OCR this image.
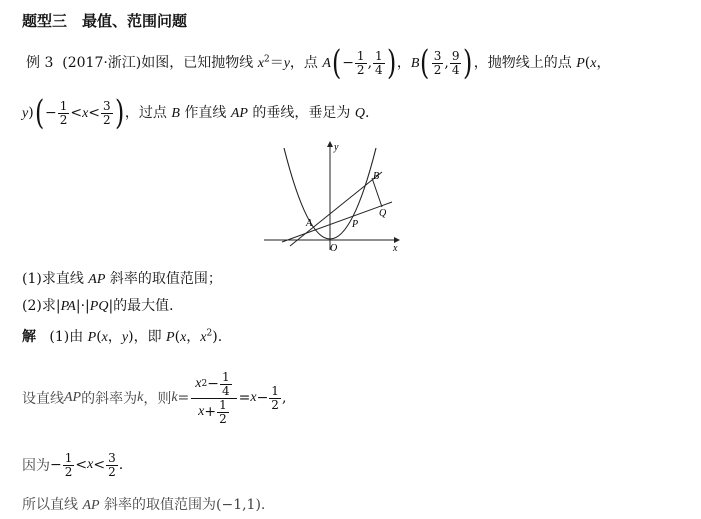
题型三　最值、范围问题
例 3 (2017·浙江)如图，已知抛物线 $x^2=y$，点 $A(- \frac{1}{2}$ , $\frac{1}{4}$ )，$B( \frac{3}{2}$ , $\frac{9}{4}$ )，抛物线上的点 P(x，
$y)(- \frac{1}{2} <x< \frac{3}{2}$ )，过点 B 作直线 AP 的垂线，垂足为 Q.
y
x
O
A
B
P
Q
(1)求直线 AP 斜率的取值范围；
(2)求|PA|·|PQ|的最大值．
解 (1)由 P(x，y)，即 P(x，$x^2$).
设直线 AP 的斜率为 k ，则 $k = \frac{x 2 - \frac{1}{4}}{x + \frac{1}{2}} = x - \frac{1}{2}$ ,
因为 − $\frac{1}{2} < x < \frac{3}{2}$ .
所以直线 AP 斜率的取值范围为(−1,1).
